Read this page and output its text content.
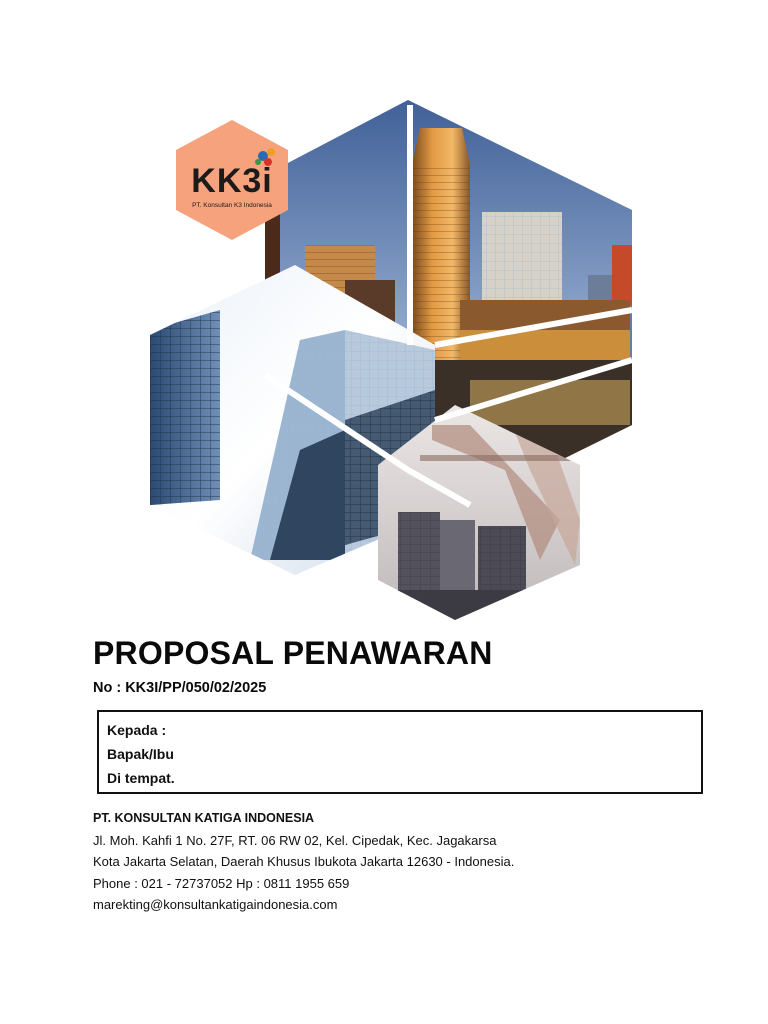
KK3i
PT. Konsultan K3 Indonesia
PROPOSAL PENAWARAN
No : KK3I/PP/050/02/2025
Kepada :
Bapak/Ibu
Di tempat.
PT. KONSULTAN KATIGA INDONESIA
Jl. Moh. Kahfi 1 No. 27F, RT. 06 RW 02, Kel. Cipedak, Kec. Jagakarsa
Kota Jakarta Selatan, Daerah Khusus Ibukota Jakarta 12630 - Indonesia.
Phone : 021 - 72737052 Hp : 0811 1955 659
marekting@konsultankatigaindonesia.com
